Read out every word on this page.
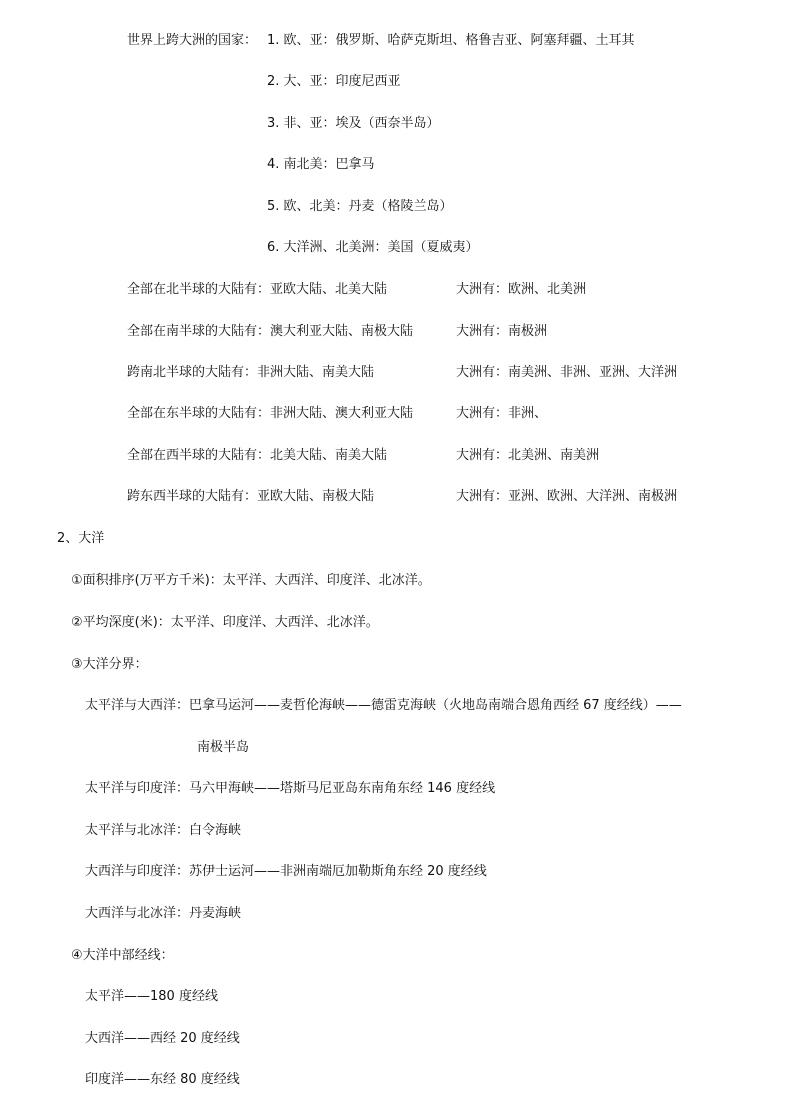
世界上跨大洲的国家： 1. 欧、亚：俄罗斯、哈萨克斯坦、格鲁吉亚、阿塞拜疆、土耳其
2. 大、亚：印度尼西亚
3. 非、亚：埃及（西奈半岛）
4. 南北美：巴拿马
5. 欧、北美：丹麦（格陵兰岛）
6. 大洋洲、北美洲：美国（夏威夷）
全部在北半球的大陆有：亚欧大陆、北美大陆	大洲有：欧洲、北美洲
全部在南半球的大陆有：澳大利亚大陆、南极大陆	大洲有：南极洲
跨南北半球的大陆有：非洲大陆、南美大陆	大洲有：南美洲、非洲、亚洲、大洋洲
全部在东半球的大陆有：非洲大陆、澳大利亚大陆	大洲有：非洲、
全部在西半球的大陆有：北美大陆、南美大陆	大洲有：北美洲、南美洲
跨东西半球的大陆有：亚欧大陆、南极大陆	大洲有：亚洲、欧洲、大洋洲、南极洲
2、大洋
①面积排序(万平方千米)：太平洋、大西洋、印度洋、北冰洋。
②平均深度(米)：太平洋、印度洋、大西洋、北冰洋。
③大洋分界：
太平洋与大西洋：巴拿马运河——麦哲伦海峡——德雷克海峡（火地岛南端合恩角西经 67 度经线）——
南极半岛
太平洋与印度洋：马六甲海峡——塔斯马尼亚岛东南角东经 146 度经线
太平洋与北冰洋：白令海峡
大西洋与印度洋：苏伊士运河——非洲南端厄加勒斯角东经 20 度经线
大西洋与北冰洋：丹麦海峡
④大洋中部经线：
太平洋——180 度经线
大西洋——西经 20 度经线
印度洋——东经 80 度经线
